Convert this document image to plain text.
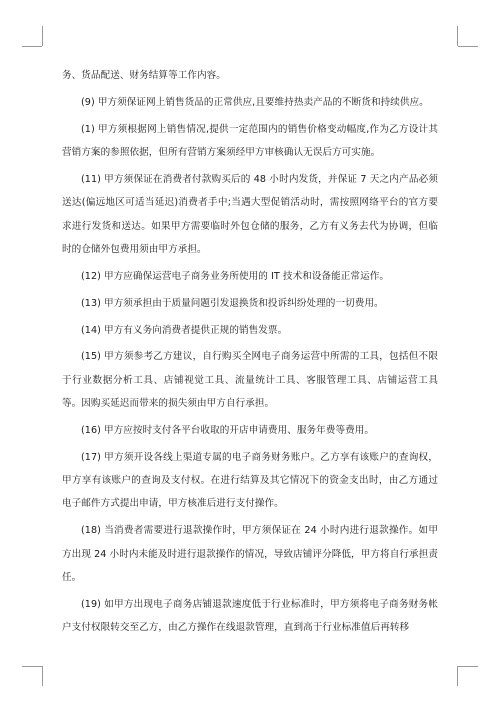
务、货品配送、财务结算等工作内容。

(9) 甲方须保证网上销售货品的正常供应,且要维持热卖产品的不断货和持续供应。

(1) 甲方须根据网上销售情况,提供一定范围内的销售价格变动幅度,作为乙方设计其营销方案的参照依据，但所有营销方案须经甲方审核确认无误后方可实施。

(11) 甲方须保证在消费者付款购买后的 48 小时内发货，并保证 7 天之内产品必须送达(偏远地区可适当延迟)消费者手中;当遇大型促销活动时，需按照网络平台的官方要求进行发货和送达。如果甲方需要临时外包仓储的服务，乙方有义务去代为协调，但临时的仓储外包费用须由甲方承担。

(12) 甲方应确保运营电子商务业务所使用的 IT 技术和设备能正常运作。

(13) 甲方须承担由于质量问题引发退换货和投诉纠纷处理的一切费用。

(14) 甲方有义务向消费者提供正规的销售发票。

(15) 甲方须参考乙方建议，自行购买全网电子商务运营中所需的工具，包括但不限于行业数据分析工具、店铺视觉工具、流量统计工具、客服管理工具、店铺运营工具等。因购买延迟而带来的损失须由甲方自行承担。

(16) 甲方应按时支付各平台收取的开店申请费用、服务年费等费用。

(17) 甲方须开设各线上渠道专属的电子商务财务账户。乙方享有该账户的查询权，甲方享有该账户的查询及支付权。在进行结算及其它情况下的资金支出时，由乙方通过电子邮件方式提出申请，甲方核准后进行支付操作。

(18) 当消费者需要进行退款操作时，甲方须保证在 24 小时内进行退款操作。如甲方出现 24 小时内未能及时进行退款操作的情况，导致店铺评分降低，甲方将自行承担责任。

(19) 如甲方出现电子商务店铺退款速度低于行业标准时，甲方须将电子商务财务帐户支付权限转交至乙方，由乙方操作在线退款管理，直到高于行业标准值后再转移
